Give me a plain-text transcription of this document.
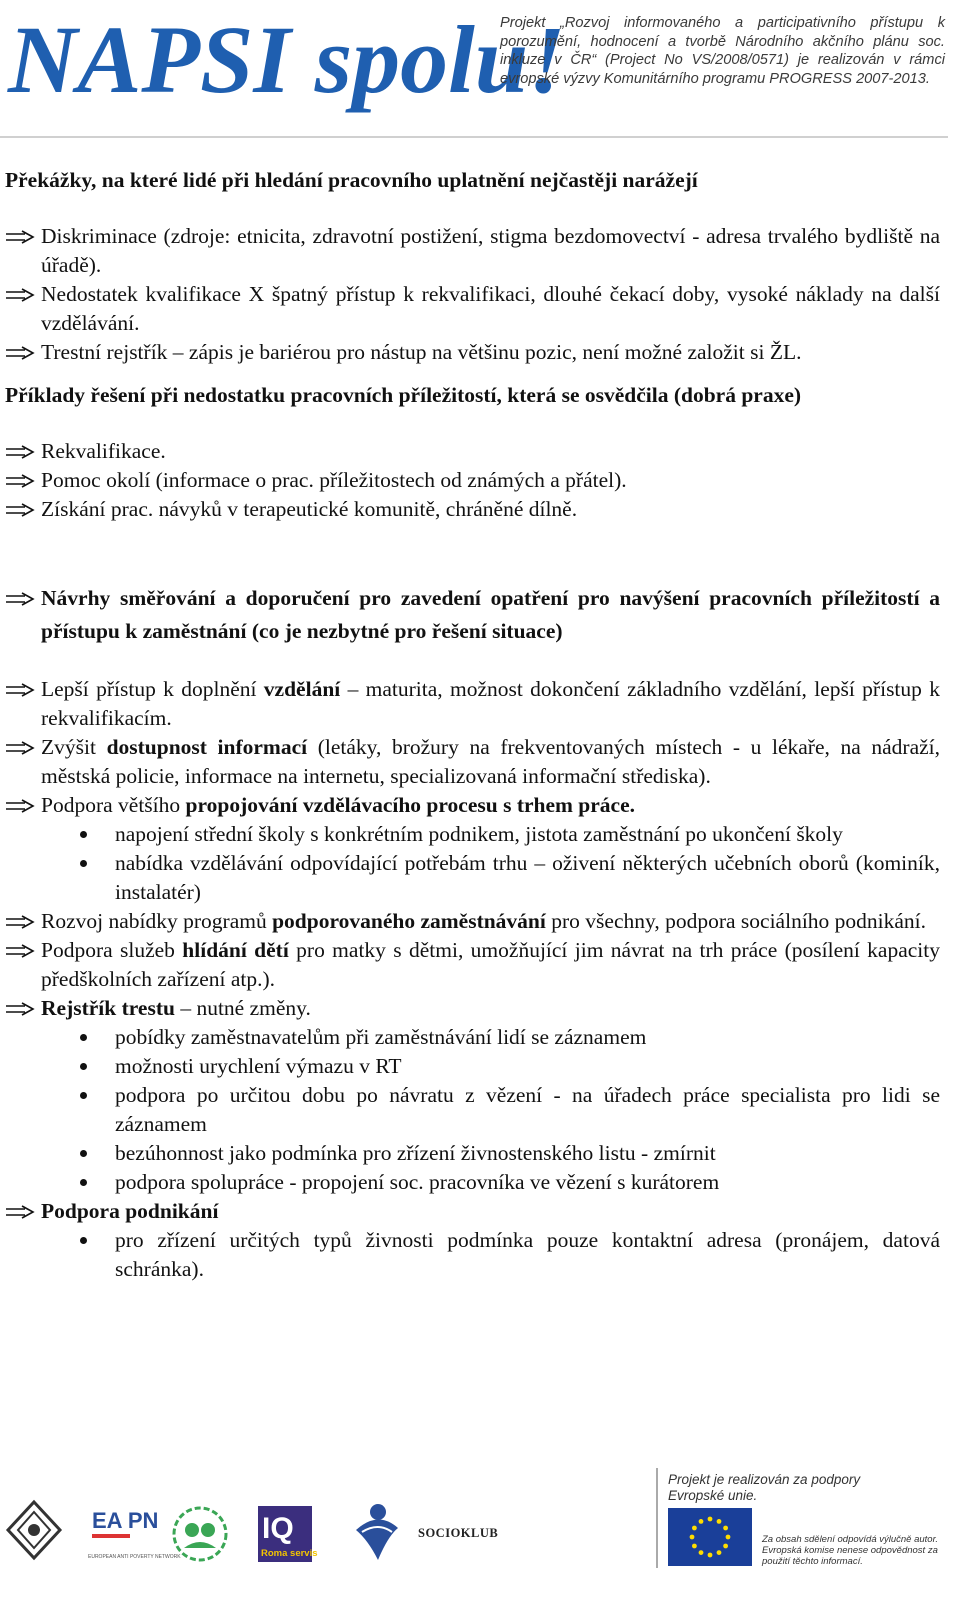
NAPSI spolu!
Projekt „Rozvoj informovaného a participativního přístupu k porozumění, hodnocení a tvorbě Národního akčního plánu soc. inkluze v ČR“ (Project No VS/2008/0571) je realizován v rámci evropské výzvy Komunitárního programu PROGRESS 2007-2013.
Překážky, na které lidé při hledání pracovního uplatnění nejčastěji narážejí
Diskriminace (zdroje: etnicita, zdravotní postižení, stigma bezdomovectví - adresa trvalého bydliště na úřadě).
Nedostatek kvalifikace X špatný přístup k rekvalifikaci, dlouhé čekací doby, vysoké náklady na další vzdělávání.
Trestní rejstřík – zápis je bariérou pro nástup na většinu pozic, není možné založit si ŽL.
Příklady řešení při nedostatku pracovních příležitostí, která se osvědčila (dobrá praxe)
Rekvalifikace.
Pomoc okolí (informace o prac. příležitostech od známých a přátel).
Získání prac. návyků v terapeutické komunitě, chráněné dílně.
Návrhy směřování a doporučení pro zavedení opatření pro navýšení pracovních příležitostí a přístupu k zaměstnání (co je nezbytné pro řešení situace)
Lepší přístup k doplnění vzdělání – maturita, možnost dokončení základního vzdělání, lepší přístup k rekvalifikacím.
Zvýšit dostupnost informací (letáky, brožury na frekventovaných místech - u lékaře, na nádraží, městská policie, informace na internetu, specializovaná informační střediska).
Podpora většího propojování vzdělávacího procesu s trhem práce.
napojení střední školy s konkrétním podnikem, jistota zaměstnání po ukončení školy
nabídka vzdělávání odpovídající potřebám trhu – oživení některých učebních oborů (kominík, instalatér)
Rozvoj nabídky programů podporovaného zaměstnávání pro všechny, podpora sociálního podnikání.
Podpora služeb hlídání dětí pro matky s dětmi, umožňující jim návrat na trh práce (posílení kapacity předškolních zařízení atp.).
Rejstřík trestu – nutné změny.
pobídky zaměstnavatelům při zaměstnávání lidí se záznamem
možnosti urychlení výmazu v RT
podpora po určitou dobu po návratu z vězení - na úřadech práce specialista pro lidi se záznamem
bezúhonnost jako podmínka pro zřízení živnostenského listu - zmírnit
podpora spolupráce - propojení soc. pracovníka ve vězení s kurátorem
Podpora podnikání
pro zřízení určitých typů živnosti podmínka pouze kontaktní adresa (pronájem, datová schránka).
EA PN
EUROPEAN ANTI POVERTY NETWORK
IQ
Roma servis
SOCIOKLUB
Projekt je realizován za podpory Evropské unie.
Za obsah sdělení odpovídá výlučně autor. Evropská komise nenese odpovědnost za použití těchto informací.
